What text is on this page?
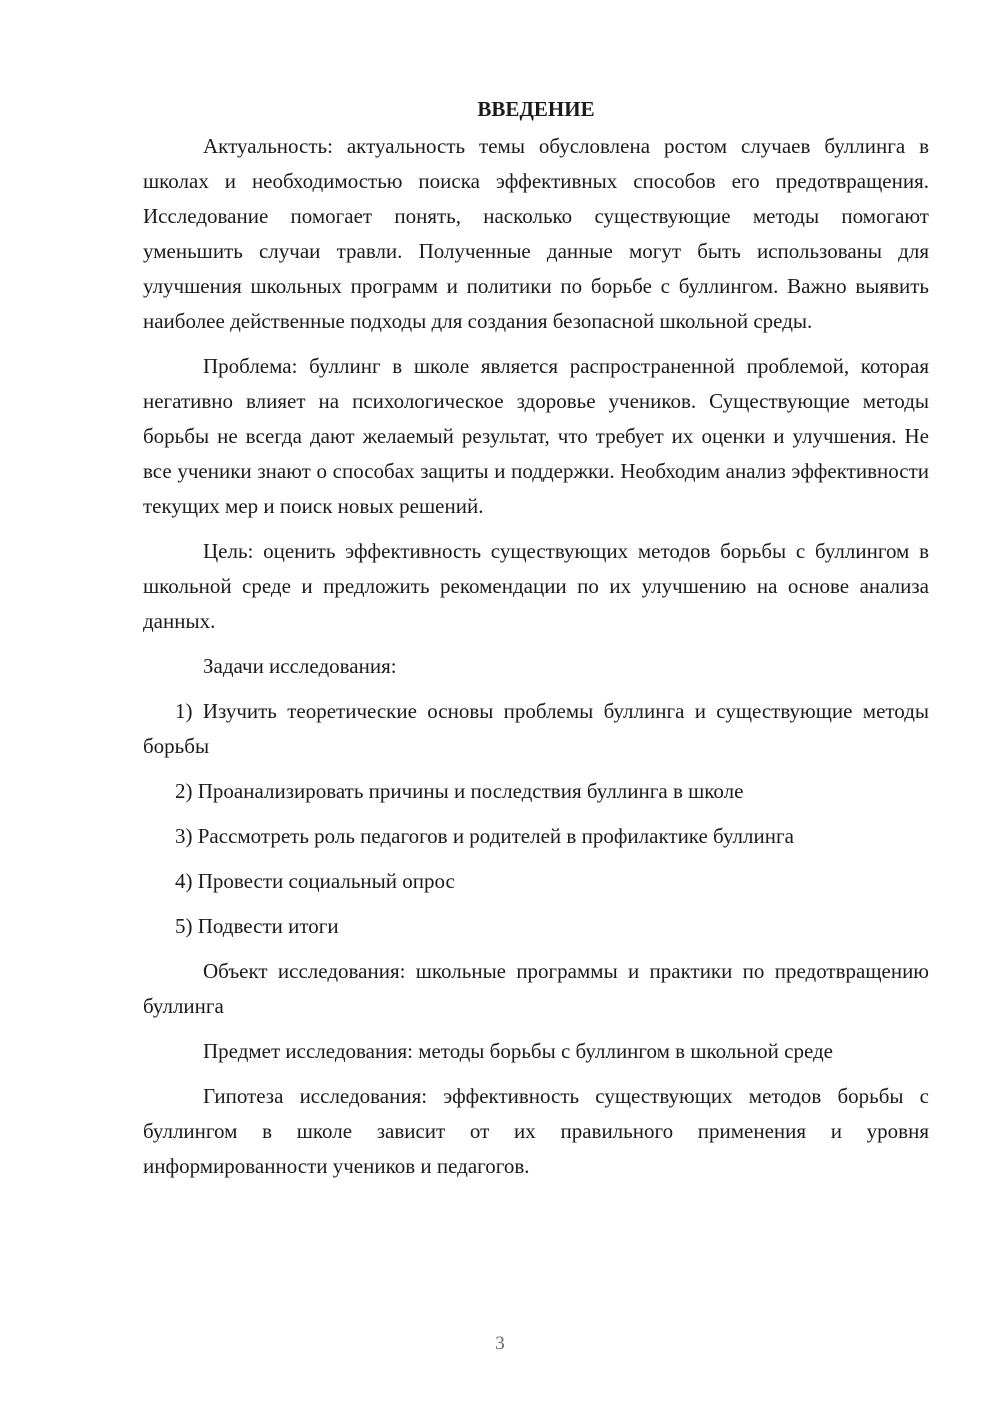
ВВЕДЕНИЕ

Актуальность: актуальность темы обусловлена ростом случаев буллинга в школах и необходимостью поиска эффективных способов его предотвращения. Исследование помогает понять, насколько существующие методы помогают уменьшить случаи травли. Полученные данные могут быть использованы для улучшения школьных программ и политики по борьбе с буллингом. Важно выявить наиболее действенные подходы для создания безопасной школьной среды.

Проблема: буллинг в школе является распространенной проблемой, которая негативно влияет на психологическое здоровье учеников. Существующие методы борьбы не всегда дают желаемый результат, что требует их оценки и улучшения. Не все ученики знают о способах защиты и поддержки. Необходим анализ эффективности текущих мер и поиск новых решений.

Цель: оценить эффективность существующих методов борьбы с буллингом в школьной среде и предложить рекомендации по их улучшению на основе анализа данных.

Задачи исследования:

1) Изучить теоретические основы проблемы буллинга и существующие методы борьбы

2) Проанализировать причины и последствия буллинга в школе

3) Рассмотреть роль педагогов и родителей в профилактике буллинга

4) Провести социальный опрос

5) Подвести итоги

Объект исследования: школьные программы и практики по предотвращению буллинга

Предмет исследования: методы борьбы с буллингом в школьной среде

Гипотеза исследования: эффективность существующих методов борьбы с буллингом в школе зависит от их правильного применения и уровня информированности учеников и педагогов.

3
